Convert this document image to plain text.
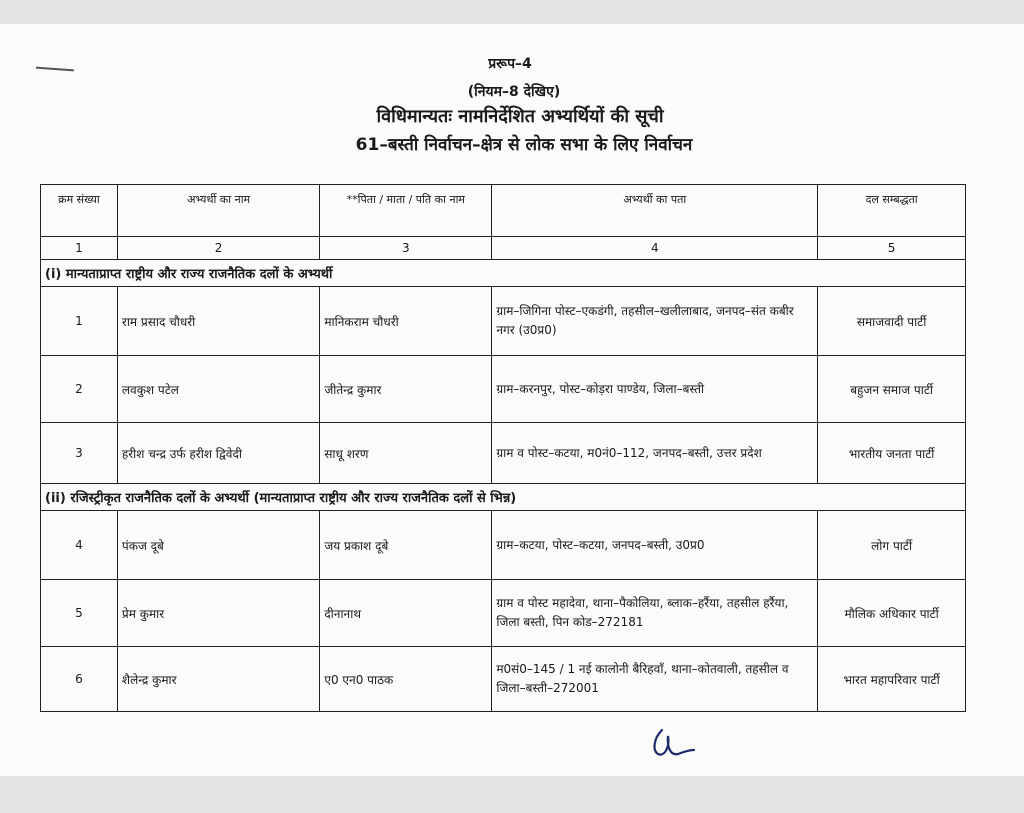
प्ररूप–4
(नियम–8 देखिए)
विधिमान्यतः नामनिर्देशित अभ्यर्थियों की सूची
61–बस्ती निर्वाचन–क्षेत्र से लोक सभा के लिए निर्वाचन
क्रम संख्या	अभ्यर्थी का नाम	**पिता / माता / पति का नाम	अभ्यर्थी का पता	दल सम्बद्धता
1	2	3	4	5
(i) मान्यताप्राप्त राष्ट्रीय और राज्य राजनैतिक दलों के अभ्यर्थी				
1	राम प्रसाद चौधरी	मानिकराम चौधरी	ग्राम–जिगिना पोस्ट–एकडंगी, तहसील–खलीलाबाद, जनपद–संत कबीर नगर (उ0प्र0)	समाजवादी पार्टी
2	लवकुश पटेल	जीतेन्द्र कुमार	ग्राम–करनपुर, पोस्ट–कोड़रा पाण्डेय, जिला–बस्ती	बहुजन समाज पार्टी
3	हरीश चन्द्र उर्फ हरीश द्विवेदी	साधू शरण	ग्राम व पोस्ट–कटया, म0नं0–112, जनपद–बस्ती, उत्तर प्रदेश	भारतीय जनता पार्टी
(ii) रजिस्ट्रीकृत राजनैतिक दलों के अभ्यर्थी (मान्यताप्राप्त राष्ट्रीय और राज्य राजनैतिक दलों से भिन्न)				
4	पंकज दूबे	जय प्रकाश दूबे	ग्राम–कटया, पोस्ट–कटया, जनपद–बस्ती, उ0प्र0	लोग पार्टी
5	प्रेम कुमार	दीनानाथ	ग्राम व पोस्ट महादेवा, थाना–पैकोलिया, ब्लाक–हर्रैया, तहसील हर्रैया, जिला बस्ती, पिन कोड–272181	मौलिक अधिकार पार्टी
6	शैलेन्द्र कुमार	ए0 एन0 पाठक	म0सं0–145 / 1 नई कालोनी बैरिहवाँ, थाना–कोतवाली, तहसील व जिला–बस्ती–272001	भारत महापरिवार पार्टी
